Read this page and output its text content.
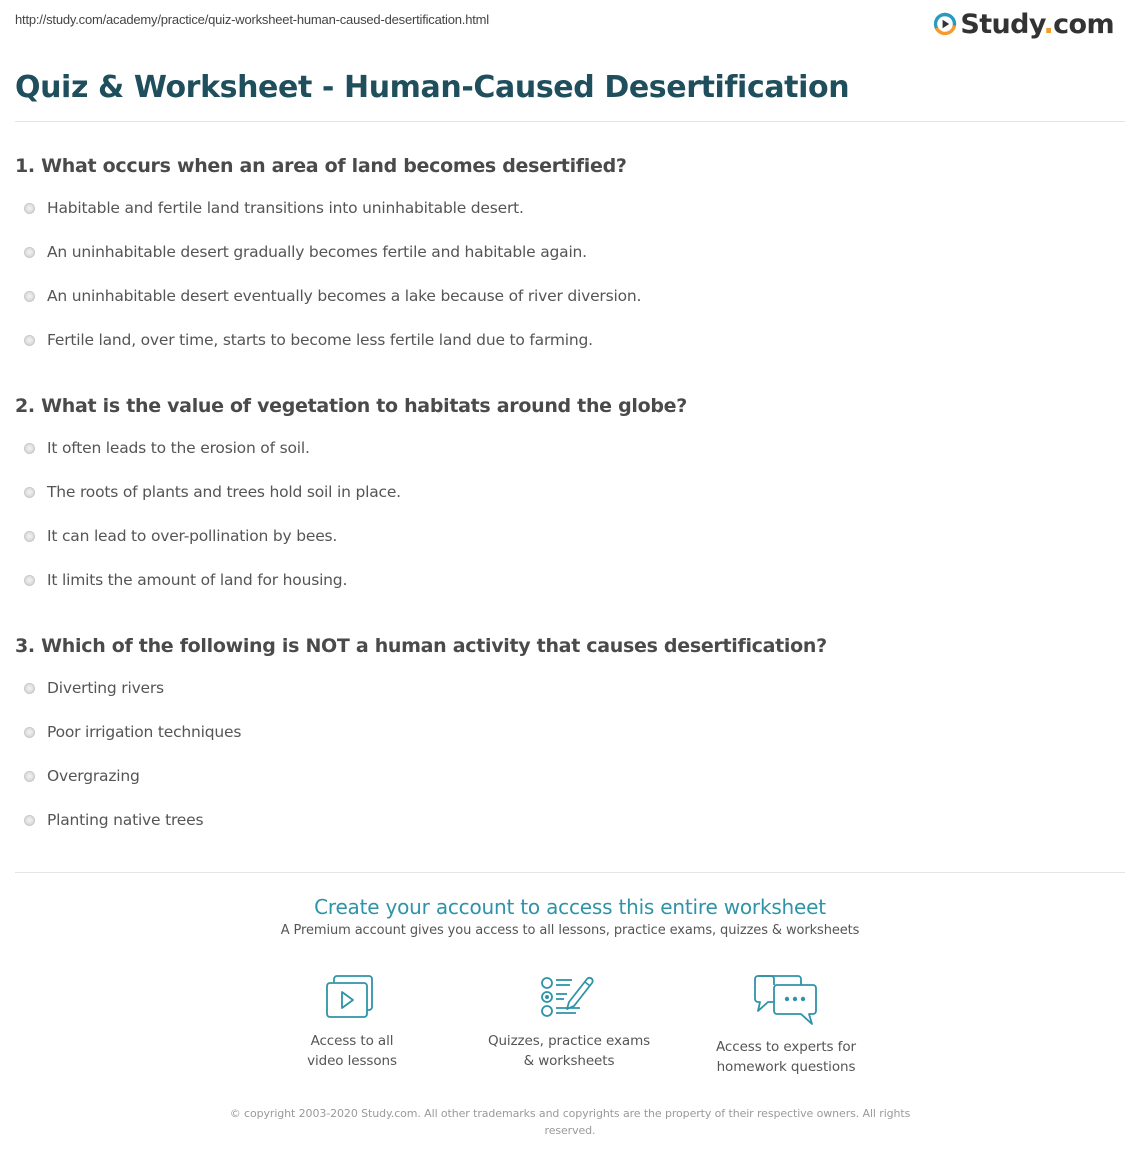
http://study.com/academy/practice/quiz-worksheet-human-caused-desertification.html	Study.com
Quiz & Worksheet - Human-Caused Desertification
1. What occurs when an area of land becomes desertified?
Habitable and fertile land transitions into uninhabitable desert.
An uninhabitable desert gradually becomes fertile and habitable again.
An uninhabitable desert eventually becomes a lake because of river diversion.
Fertile land, over time, starts to become less fertile land due to farming.
2. What is the value of vegetation to habitats around the globe?
It often leads to the erosion of soil.
The roots of plants and trees hold soil in place.
It can lead to over-pollination by bees.
It limits the amount of land for housing.
3. Which of the following is NOT a human activity that causes desertification?
Diverting rivers
Poor irrigation techniques
Overgrazing
Planting native trees
Create your account to access this entire worksheet
A Premium account gives you access to all lessons, practice exams, quizzes & worksheets
Access to all
video lessons
Quizzes, practice exams
& worksheets
Access to experts for
homework questions
© copyright 2003-2020 Study.com. All other trademarks and copyrights are the property of their respective owners. All rights reserved.
